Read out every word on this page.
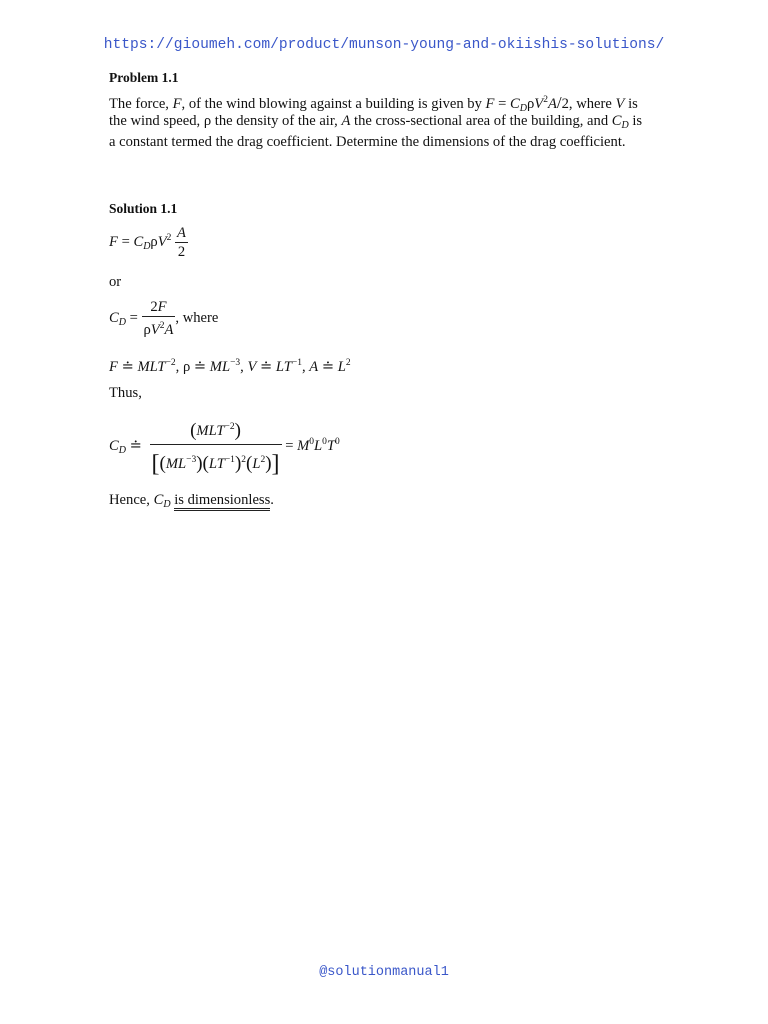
https://gioumeh.com/product/munson-young-and-okiishis-solutions/
Problem 1.1
The force, F, of the wind blowing against a building is given by $F = C_D\rho V^2A/2$, where V is
the wind speed, ρ the density of the air, A the cross-sectional area of the building, and $C_D$ is
a constant termed the drag coefficient. Determine the dimensions of the drag coefficient.
Solution 1.1
$F = C_D\rho V^2 \frac{A}{2}$
or
$C_D = \frac{2F}{\rho V^2A}$ , where
F ≐ $MLT^{-2}$, ρ ≐ $ML^{-3}$, V ≐ $LT^{-1}$, A ≐ $L^2$
Thus,
$C_D$ ≐ $\frac{(MLT^{-2})}{[(ML^{-3})(LT^{-1})^2(L^2)]} = M^0L^0T^0$
Hence, $C_D$ is dimensionless.
@solutionmanual1
